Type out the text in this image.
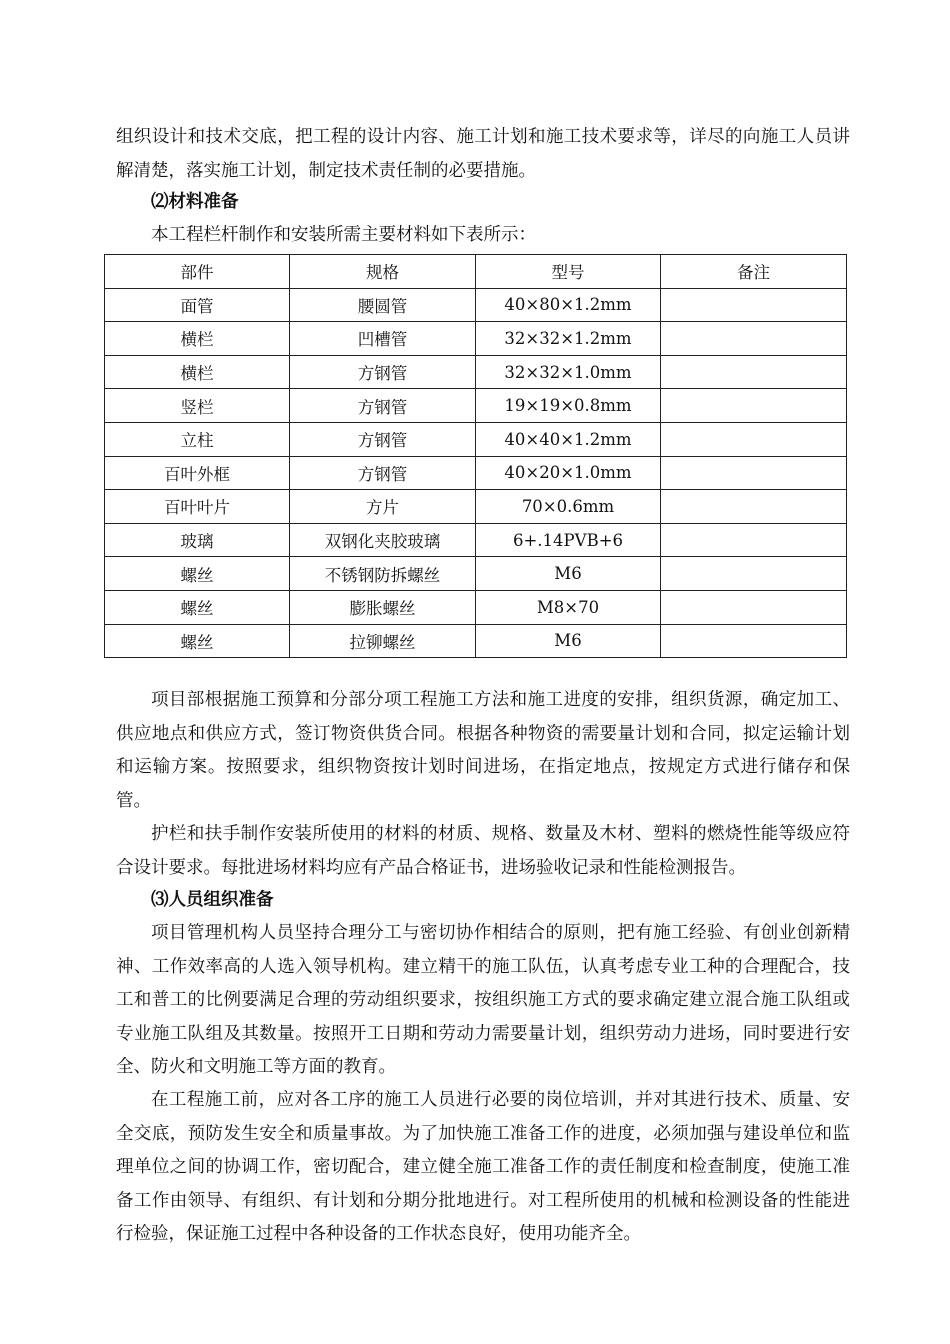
组织设计和技术交底，把工程的设计内容、施工计划和施工技术要求等，详尽的向施工人员讲解清楚，落实施工计划，制定技术责任制的必要措施。

⑵材料准备

本工程栏杆制作和安装所需主要材料如下表所示：

部件	规格	型号	备注
面管	腰圆管	40×80×1.2mm	
横栏	凹槽管	32×32×1.2mm	
横栏	方钢管	32×32×1.0mm	
竖栏	方钢管	19×19×0.8mm	
立柱	方钢管	40×40×1.2mm	
百叶外框	方钢管	40×20×1.0mm	
百叶叶片	方片	70×0.6mm	
玻璃	双钢化夹胶玻璃	6+.14PVB+6	
螺丝	不锈钢防拆螺丝	M6	
螺丝	膨胀螺丝	M8×70	
螺丝	拉铆螺丝	M6	

项目部根据施工预算和分部分项工程施工方法和施工进度的安排，组织货源，确定加工、供应地点和供应方式，签订物资供货合同。根据各种物资的需要量计划和合同，拟定运输计划和运输方案。按照要求，组织物资按计划时间进场，在指定地点，按规定方式进行储存和保管。

护栏和扶手制作安装所使用的材料的材质、规格、数量及木材、塑料的燃烧性能等级应符合设计要求。每批进场材料均应有产品合格证书，进场验收记录和性能检测报告。

⑶人员组织准备

项目管理机构人员坚持合理分工与密切协作相结合的原则，把有施工经验、有创业创新精神、工作效率高的人选入领导机构。建立精干的施工队伍，认真考虑专业工种的合理配合，技工和普工的比例要满足合理的劳动组织要求，按组织施工方式的要求确定建立混合施工队组或专业施工队组及其数量。按照开工日期和劳动力需要量计划，组织劳动力进场，同时要进行安全、防火和文明施工等方面的教育。

在工程施工前，应对各工序的施工人员进行必要的岗位培训，并对其进行技术、质量、安全交底，预防发生安全和质量事故。为了加快施工准备工作的进度，必须加强与建设单位和监理单位之间的协调工作，密切配合，建立健全施工准备工作的责任制度和检查制度，使施工准备工作由领导、有组织、有计划和分期分批地进行。对工程所使用的机械和检测设备的性能进行检验，保证施工过程中各种设备的工作状态良好，使用功能齐全。
